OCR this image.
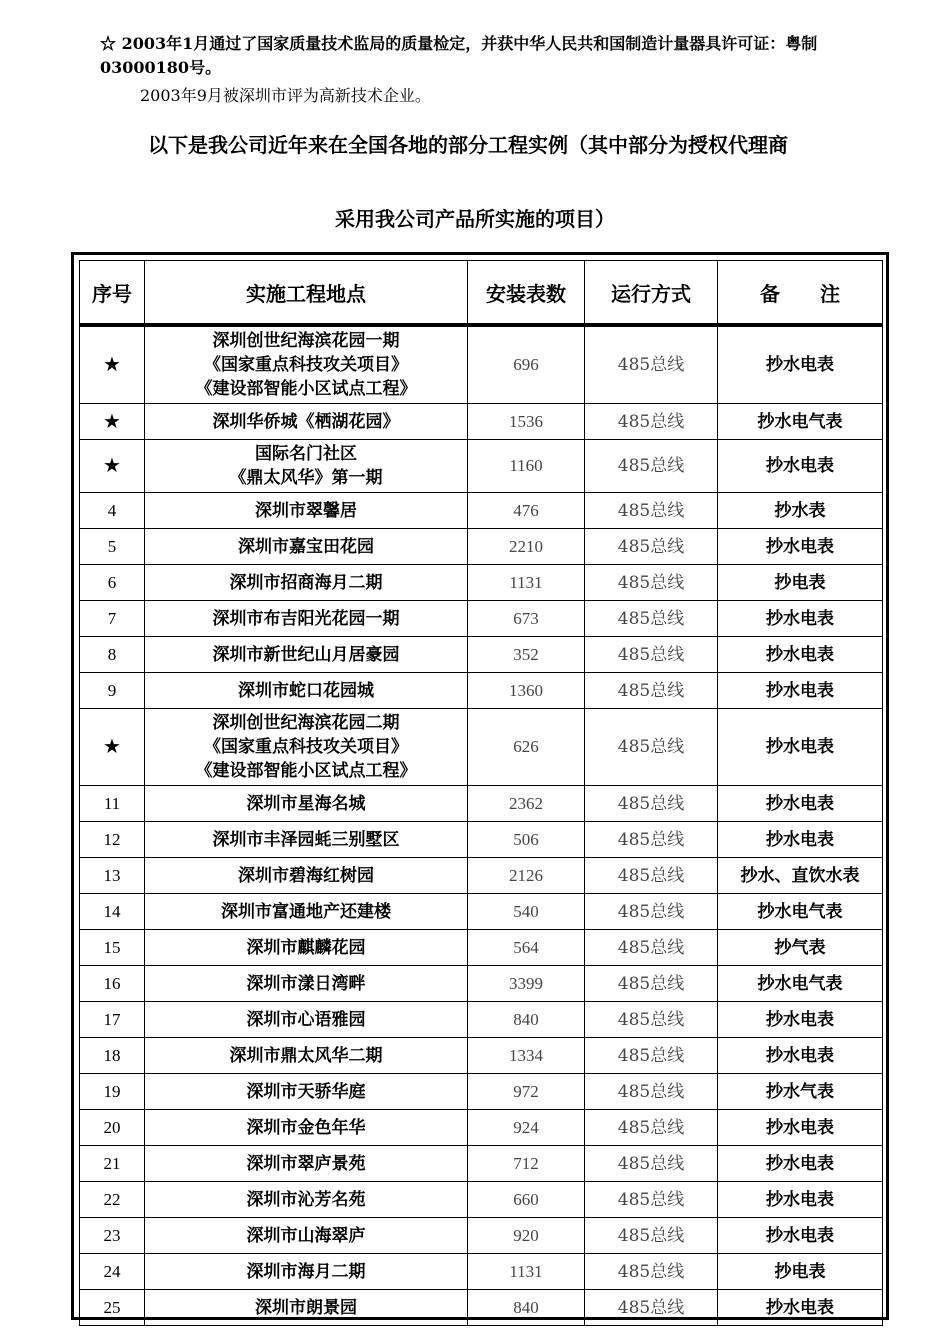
☆ 2003年1月通过了国家质量技术监局的质量检定，并获中华人民共和国制造计量器具许可证：粤制03000180号。
2003年9月被深圳市评为高新技术企业。
以下是我公司近年来在全国各地的部分工程实例（其中部分为授权代理商
采用我公司产品所实施的项目）
序号	实施工程地点	安装表数	运行方式	备　　注
★	深圳创世纪海滨花园一期
《国家重点科技攻关项目》
《建设部智能小区试点工程》	696	485总线	抄水电表
★	深圳华侨城《栖湖花园》	1536	485总线	抄水电气表
★	国际名门社区
《鼎太风华》第一期	1160	485总线	抄水电表
4	深圳市翠馨居	476	485总线	抄水表
5	深圳市嘉宝田花园	2210	485总线	抄水电表
6	深圳市招商海月二期	1131	485总线	抄电表
7	深圳市布吉阳光花园一期	673	485总线	抄水电表
8	深圳市新世纪山月居豪园	352	485总线	抄水电表
9	深圳市蛇口花园城	1360	485总线	抄水电表
★	深圳创世纪海滨花园二期
《国家重点科技攻关项目》
《建设部智能小区试点工程》	626	485总线	抄水电表
11	深圳市星海名城	2362	485总线	抄水电表
12	深圳市丰泽园蚝三别墅区	506	485总线	抄水电表
13	深圳市碧海红树园	2126	485总线	抄水、直饮水表
14	深圳市富通地产还建楼	540	485总线	抄水电气表
15	深圳市麒麟花园	564	485总线	抄气表
16	深圳市漾日湾畔	3399	485总线	抄水电气表
17	深圳市心语雅园	840	485总线	抄水电表
18	深圳市鼎太风华二期	1334	485总线	抄水电表
19	深圳市天骄华庭	972	485总线	抄水气表
20	深圳市金色年华	924	485总线	抄水电表
21	深圳市翠庐景苑	712	485总线	抄水电表
22	深圳市沁芳名苑	660	485总线	抄水电表
23	深圳市山海翠庐	920	485总线	抄水电表
24	深圳市海月二期	1131	485总线	抄电表
25	深圳市朗景园	840	485总线	抄水电表
